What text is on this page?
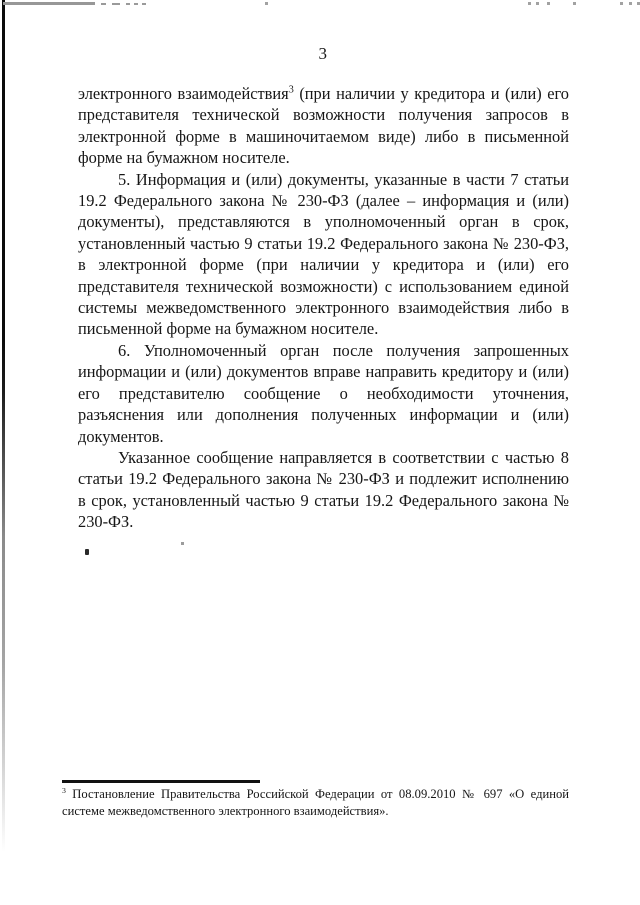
3
электронного взаимодействия$^3$ (при наличии у кредитора и (или) его представителя технической возможности получения запросов в электронной форме в машиночитаемом виде) либо в письменной форме на бумажном носителе.
5. Информация и (или) документы, указанные в части 7 статьи 19.2 Федерального закона № 230-ФЗ (далее – информация и (или) документы), представляются в уполномоченный орган в срок, установленный частью 9 статьи 19.2 Федерального закона № 230-ФЗ, в электронной форме (при наличии у кредитора и (или) его представителя технической возможности) с использованием единой системы межведомственного электронного взаимодействия либо в письменной форме на бумажном носителе.
6. Уполномоченный орган после получения запрошенных информации и (или) документов вправе направить кредитору и (или) его представителю сообщение о необходимости уточнения, разъяснения или дополнения полученных информации и (или) документов.
Указанное сообщение направляется в соответствии с частью 8 статьи 19.2 Федерального закона № 230-ФЗ и подлежит исполнению в срок, установленный частью 9 статьи 19.2 Федерального закона № 230-ФЗ.
$^3$ Постановление Правительства Российской Федерации от 08.09.2010 № 697 «О единой системе межведомственного электронного взаимодействия».
